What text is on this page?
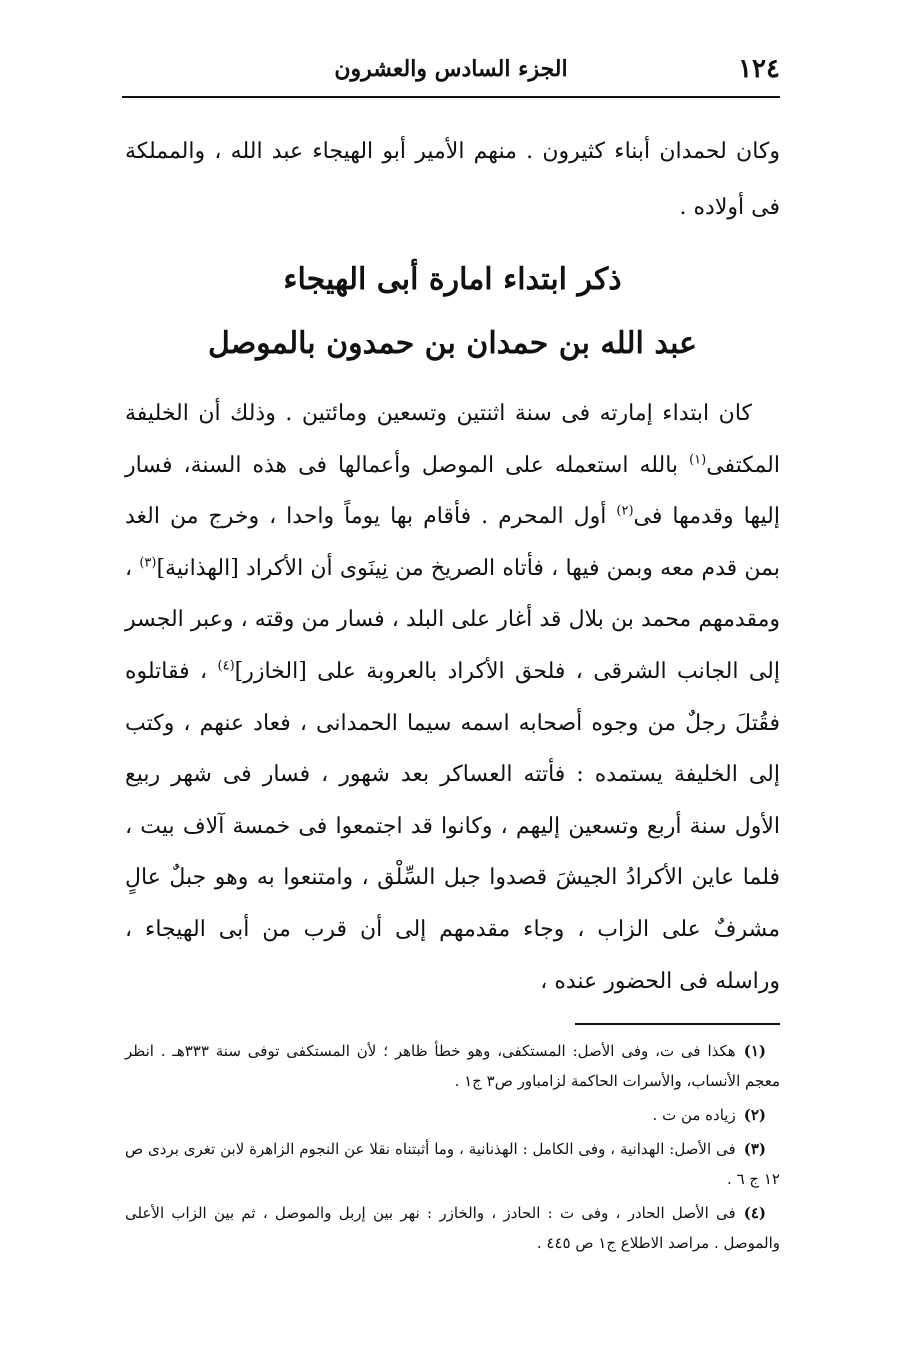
١٢٤
الجزء السادس والعشرون
وكان لحمدان أبناء كثيرون . منهم الأمير أبو الهيجاء عبد الله ، والمملكة فى أولاده .
ذكر ابتداء امارة أبى الهيجاء
عبد الله بن حمدان بن حمدون بالموصل
كان ابتداء إمارته فى سنة اثنتين وتسعين ومائتين . وذلك أن الخليفة المكتفى$^{(١)}$ بالله استعمله على الموصل وأعمالها فى هذه السنة، فسار إليها وقدمها فى$^{(٢)}$ أول المحرم . فأقام بها يوماً واحدا ، وخرج من الغد بمن قدم معه وبمن فيها ، فأتاه الصريخ من نِينَوى أن الأكراد [الهذانية]$^{(٣)}$ ، ومقدمهم محمد بن بلال قد أغار على البلد ، فسار من وقته ، وعبر الجسر إلى الجانب الشرقى ، فلحق الأكراد بالعروبة على [الخازر]$^{(٤)}$ ، فقاتلوه فقُتلَ رجلٌ من وجوه أصحابه اسمه سيما الحمدانى ، فعاد عنهم ، وكتب إلى الخليفة يستمده : فأتته العساكر بعد شهور ، فسار فى شهر ربيع الأول سنة أربع وتسعين إليهم ، وكانوا قد اجتمعوا فى خمسة آلاف بيت ، فلما عاين الأكرادُ الجيشَ قصدوا جبل السِّلْق ، وامتنعوا به وهو جبلٌ عالٍ مشرفٌ على الزاب ، وجاء مقدمهم إلى أن قرب من أبى الهيجاء ، وراسله فى الحضور عنده ،

(١)هكذا فى ت، وفى الأصل: المستكفى، وهو خطأ ظاهر ؛ لأن المستكفى توفى سنة ٣٣٣هـ . انظر معجم الأنساب، والأسرات الحاكمة لزامباور ص٣ ج١ .

(٢)زياده من ت .

(٣)فى الأصل: الهدانية ، وفى الكامل : الهذنانية ، وما أثبتناه نقلا عن النجوم الزاهرة لابن تغرى بردى ص ١٢ ج ٦ .

(٤)فى الأصل الحادر ، وفى ت : الحادز ، والخازر : نهر بين إربل والموصل ، ثم بين الزاب الأعلى والموصل . مراصد الاطلاع ج١ ص ٤٤٥ .
